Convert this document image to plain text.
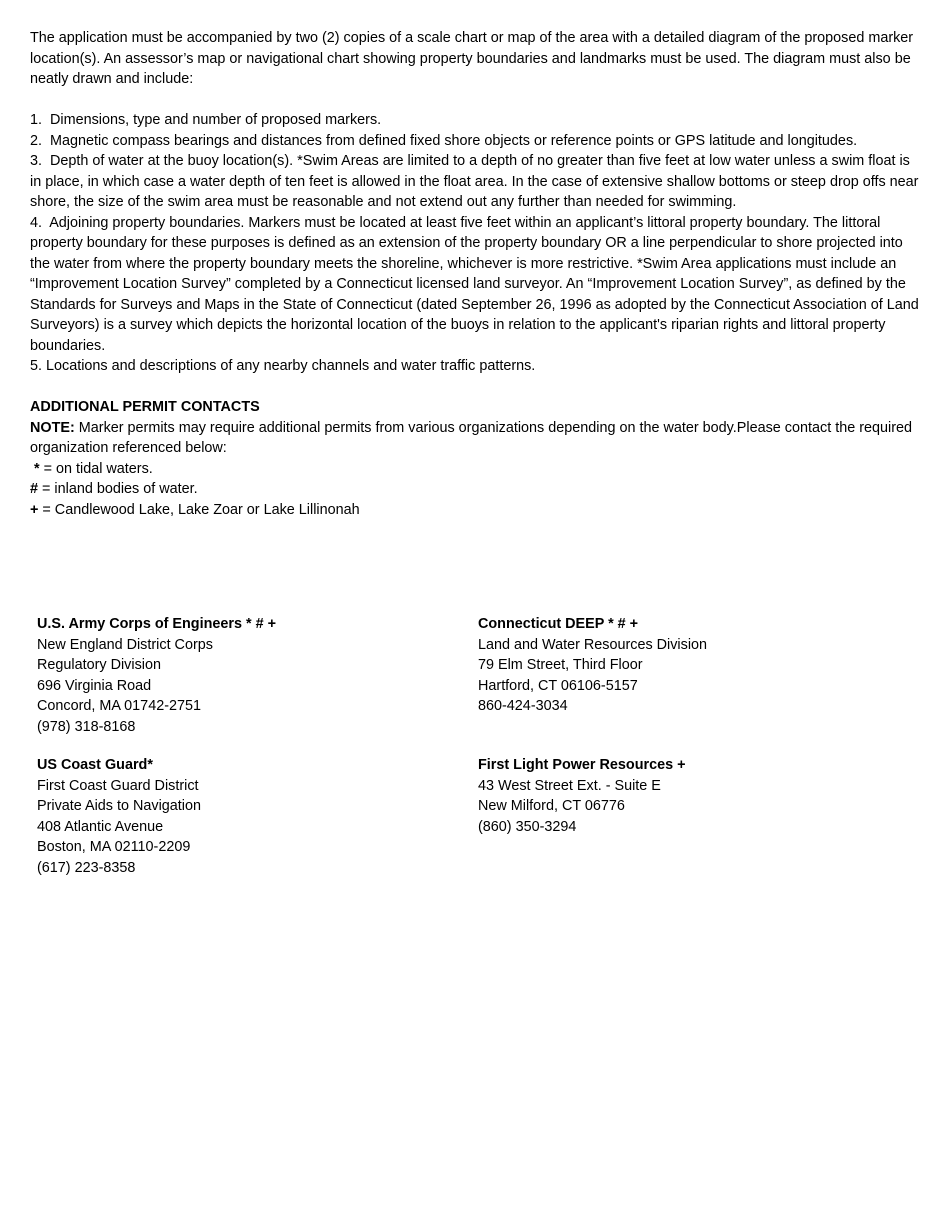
The application must be accompanied by two (2) copies of a scale chart or map of the area with a detailed diagram of the proposed marker location(s). An assessor’s map or navigational chart showing property boundaries and landmarks must be used. The diagram must also be neatly drawn and include:

1.  Dimensions, type and number of proposed markers.

2.  Magnetic compass bearings and distances from defined fixed shore objects or reference points or GPS latitude and longitudes.

3.  Depth of water at the buoy location(s). *Swim Areas are limited to a depth of no greater than five feet at low water unless a swim float is in place, in which case a water depth of ten feet is allowed in the float area. In the case of extensive shallow bottoms or steep drop offs near shore, the size of the swim area must be reasonable and not extend out any further than needed for swimming.

4.  Adjoining property boundaries. Markers must be located at least five feet within an applicant’s littoral property boundary. The littoral property boundary for these purposes is defined as an extension of the property boundary OR a line perpendicular to shore projected into the water from where the property boundary meets the shoreline, whichever is more restrictive. *Swim Area applications must include an “Improvement Location Survey” completed by a Connecticut licensed land surveyor. An “Improvement Location Survey”, as defined by the Standards for Surveys and Maps in the State of Connecticut (dated September 26, 1996 as adopted by the Connecticut Association of Land Surveyors) is a survey which depicts the horizontal location of the buoys in relation to the applicant's riparian rights and littoral property boundaries.

5. Locations and descriptions of any nearby channels and water traffic patterns.

ADDITIONAL PERMIT CONTACTS

NOTE: Marker permits may require additional permits from various organizations depending on the water body.Please contact the required organization referenced below:

* = on tidal waters.

# = inland bodies of water.

+ = Candlewood Lake, Lake Zoar or Lake Lillinonah

U.S. Army Corps of Engineers * # +
New England District Corps
Regulatory Division
696 Virginia Road
Concord, MA 01742-2751
(978) 318-8168
Connecticut DEEP * # +
Land and Water Resources Division
79 Elm Street, Third Floor
Hartford, CT 06106-5157
860-424-3034
US Coast Guard*
First Coast Guard District
Private Aids to Navigation
408 Atlantic Avenue
Boston, MA 02110-2209
(617) 223-8358
First Light Power Resources +
43 West Street Ext. - Suite E
New Milford, CT 06776
(860) 350-3294
